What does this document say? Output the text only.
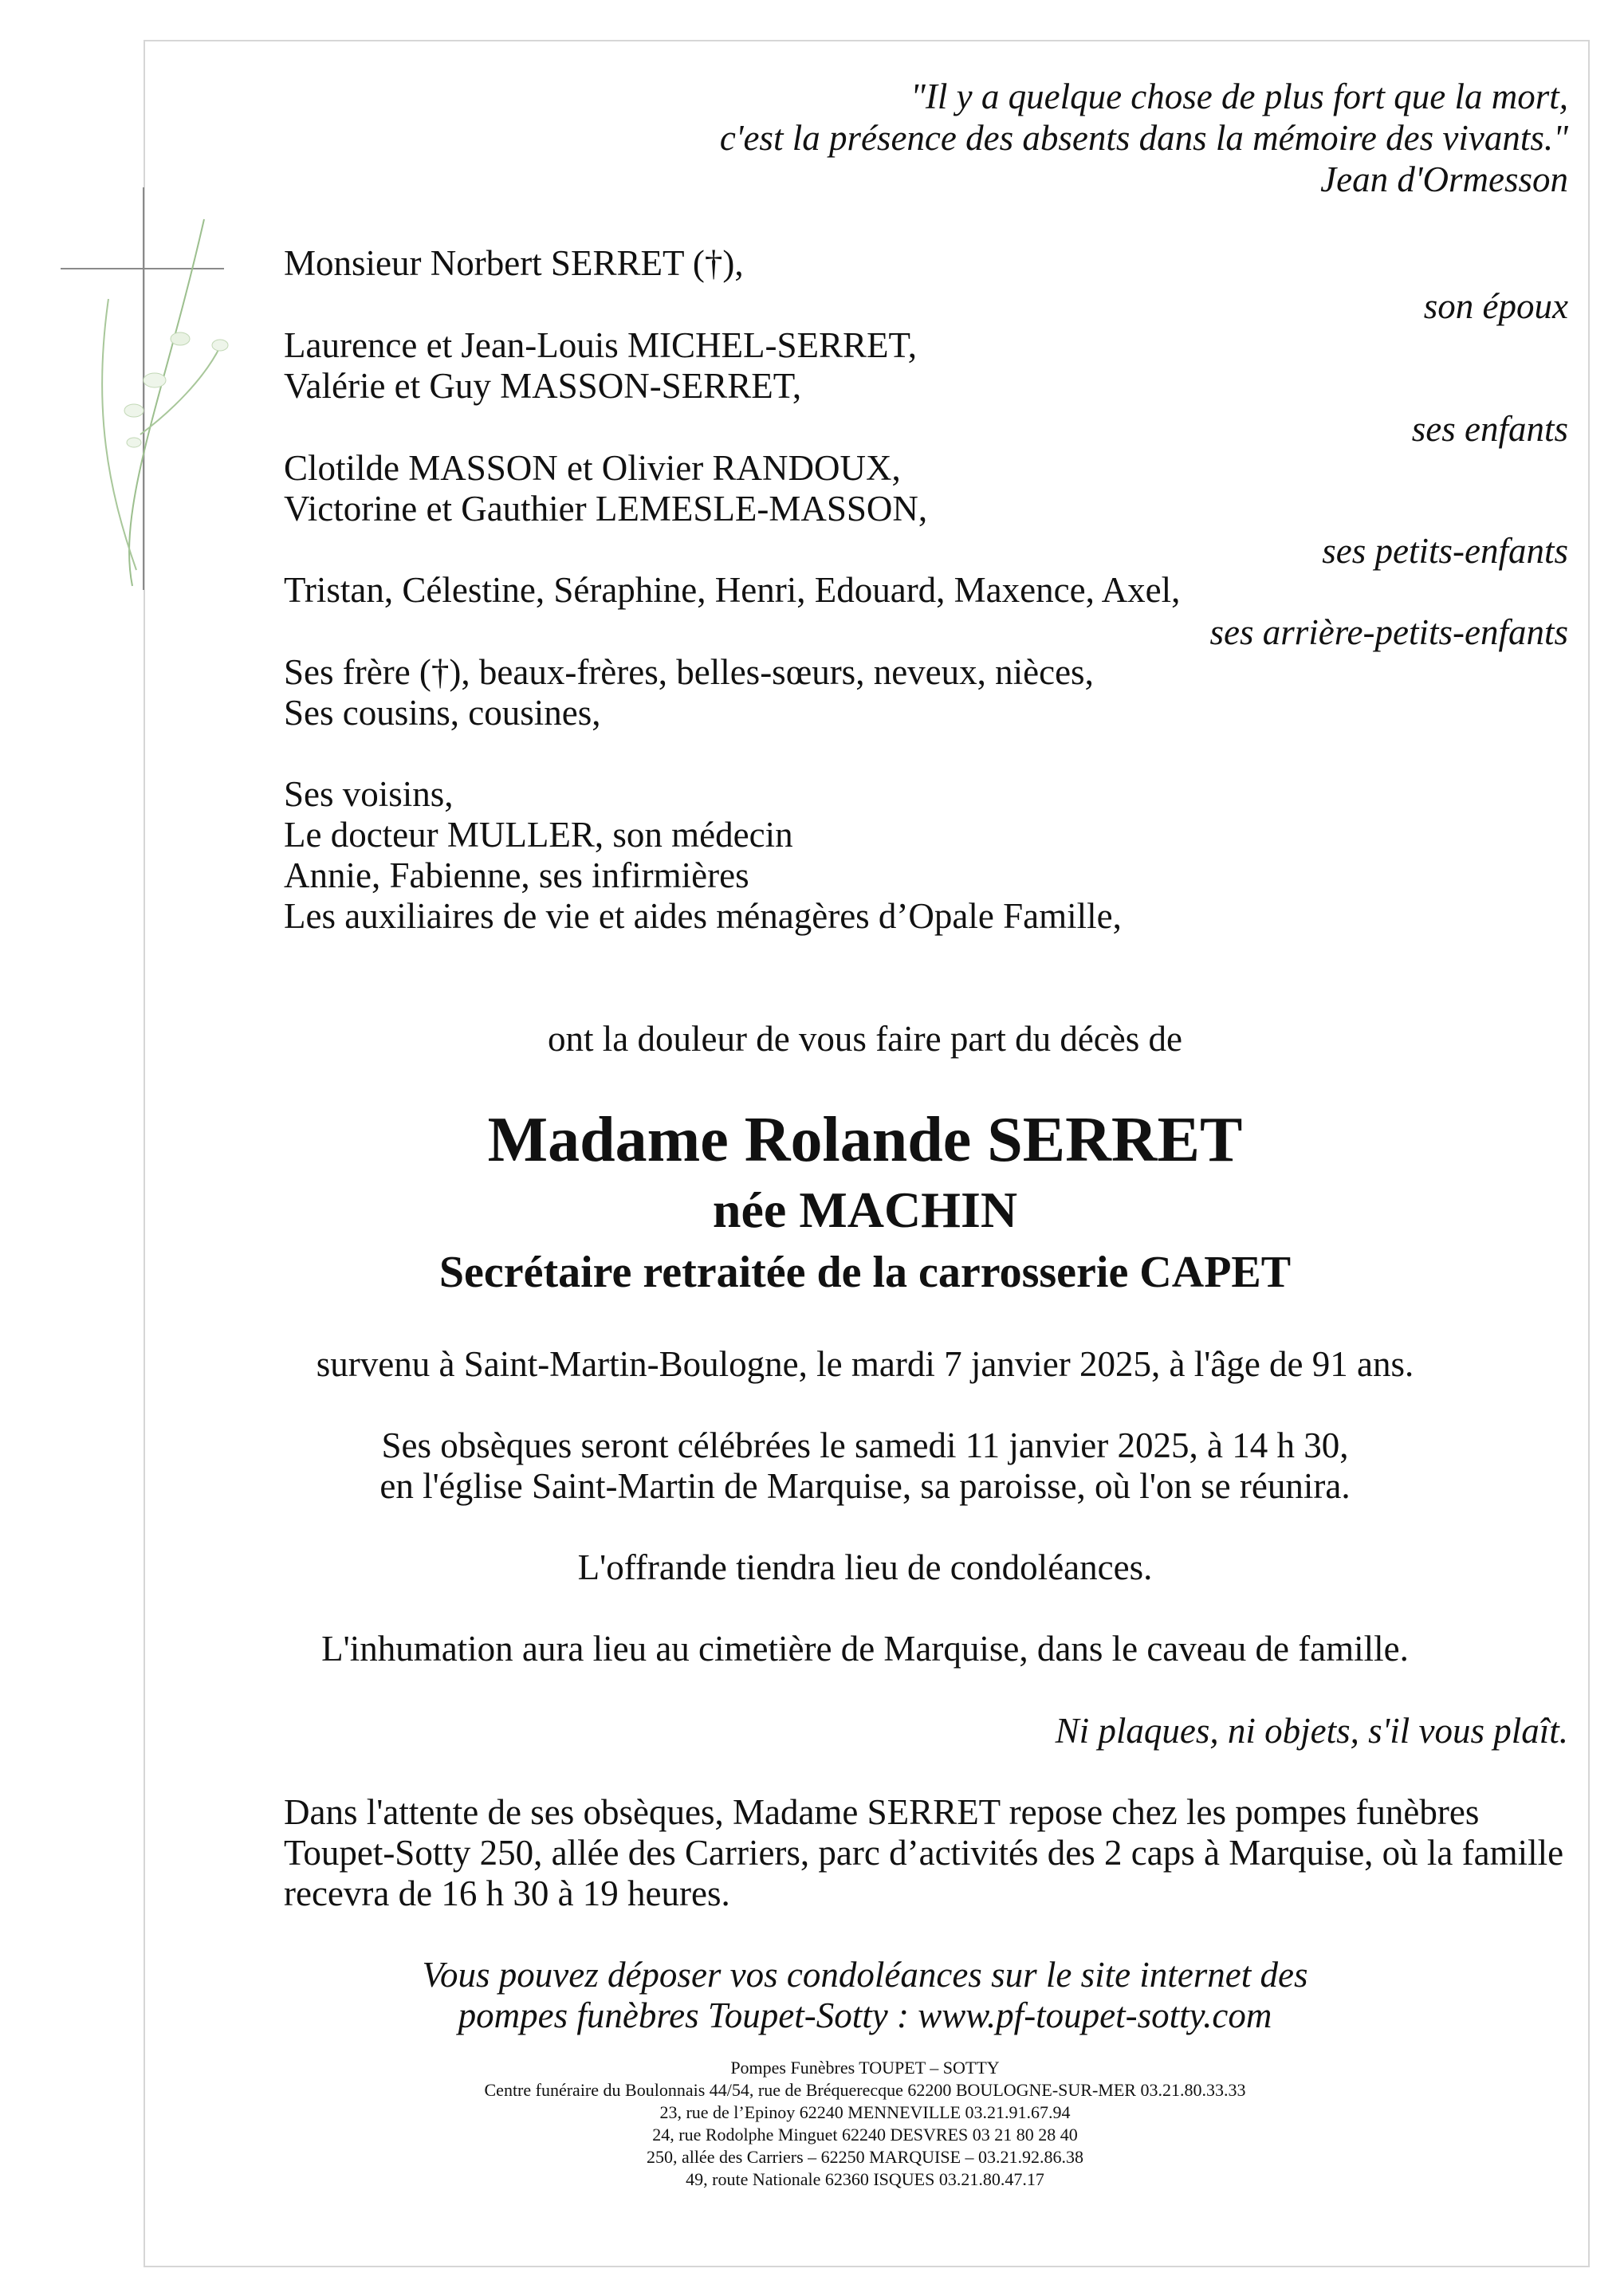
"Il y a quelque chose de plus fort que la mort,
c'est la présence des absents dans la mémoire des vivants."
Jean d'Ormesson
Monsieur Norbert SERRET (†),
son époux
Laurence et Jean-Louis MICHEL-SERRET,
Valérie et Guy MASSON-SERRET,
ses enfants
Clotilde MASSON et Olivier RANDOUX,
Victorine et Gauthier LEMESLE-MASSON,
ses petits-enfants
Tristan, Célestine, Séraphine, Henri, Edouard, Maxence, Axel,
ses arrière-petits-enfants
Ses frère (†), beaux-frères, belles-sœurs, neveux, nièces,
Ses cousins, cousines,
Ses voisins,
Le docteur MULLER, son médecin
Annie, Fabienne, ses infirmières
Les auxiliaires de vie et aides ménagères d’Opale Famille,
ont la douleur de vous faire part du décès de
Madame Rolande SERRET
née MACHIN
Secrétaire retraitée de la carrosserie CAPET
survenu à Saint-Martin-Boulogne, le mardi 7 janvier 2025, à l'âge de 91 ans.
Ses obsèques seront célébrées le samedi 11 janvier 2025, à 14 h 30,
en l'église Saint-Martin de Marquise, sa paroisse, où l'on se réunira.
L'offrande tiendra lieu de condoléances.
L'inhumation aura lieu au cimetière de Marquise, dans le caveau de famille.
Ni plaques, ni objets, s'il vous plaît.
Dans l'attente de ses obsèques, Madame SERRET repose chez les pompes funèbres
Toupet-Sotty 250, allée des Carriers, parc d’activités des 2 caps à Marquise, où la famille
recevra de 16 h 30 à 19 heures.
Vous pouvez déposer vos condoléances sur le site internet des
pompes funèbres Toupet-Sotty : www.pf-toupet-sotty.com
Pompes Funèbres TOUPET – SOTTY
Centre funéraire du Boulonnais 44/54, rue de Bréquerecque 62200 BOULOGNE-SUR-MER 03.21.80.33.33
23, rue de l’Epinoy 62240 MENNEVILLE 03.21.91.67.94
24, rue Rodolphe Minguet 62240 DESVRES 03 21 80 28 40
250, allée des Carriers – 62250 MARQUISE – 03.21.92.86.38
49, route Nationale 62360 ISQUES 03.21.80.47.17
